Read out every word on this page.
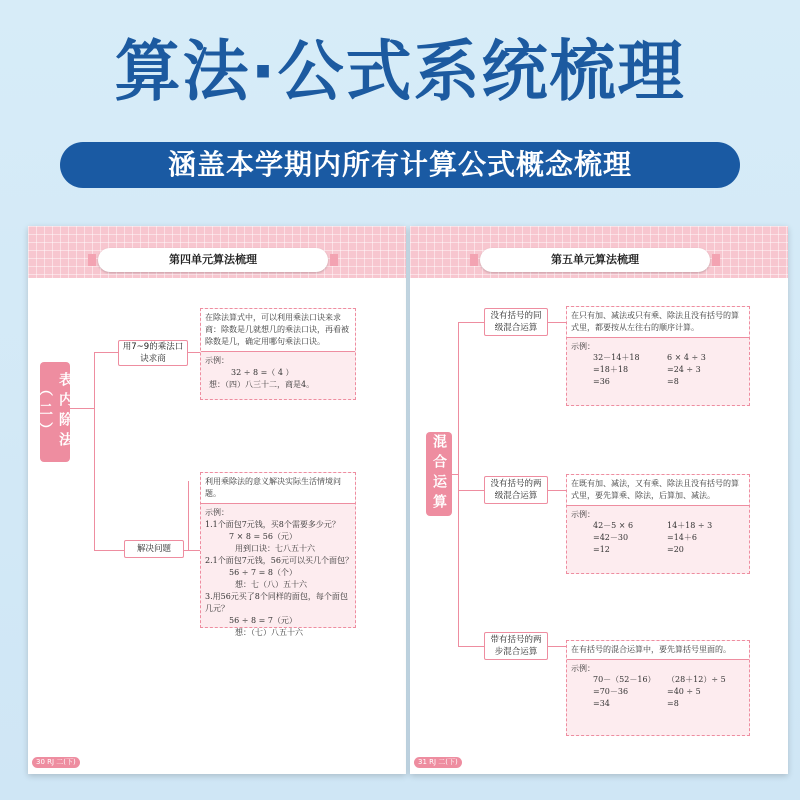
算法·公式系统梳理
涵盖本学期内所有计算公式概念梳理
第四单元算法梳理
表内除法（二）
用7~9的乘法口诀求商
解决问题
在除法算式中，可以利用乘法口诀来求商：除数是几就想几的乘法口诀，再看被除数是几，确定用哪句乘法口诀。
示例：
32 ÷ 8 =（ 4 ）
想：（四）八三十二，商是4。
利用乘除法的意义解决实际生活情境问题。
示例：
1.1个面包7元钱，买8个需要多少元？
7 × 8 = 56（元）
用到口诀：七八五十六
2.1个面包7元钱，56元可以买几个面包？
56 ÷ 7 = 8（个）
想：七（八）五十六
3.用56元买了8个同样的面包，每个面包几元？
56 ÷ 8 = 7（元）
想：（七）八五十六
30 RJ 二(下)
第五单元算法梳理
混合运算
没有括号的同级混合运算
没有括号的两级混合运算
带有括号的两步混合运算
在只有加、减法或只有乘、除法且没有括号的算式里，都要按从左往右的顺序计算。
示例：
32－14＋18
=18＋18
=36
6 × 4 ÷ 3
=24 ÷ 3
=8
在既有加、减法，又有乘、除法且没有括号的算式里，要先算乘、除法，后算加、减法。
示例：
42－5 × 6
=42－30
=12
14＋18 ÷ 3
=14＋6
=20
在有括号的混合运算中，要先算括号里面的。
示例：
70－（52－16）
=70－36
=34
（28＋12）÷ 5
=40 ÷ 5
=8
31 RJ 二(下)
